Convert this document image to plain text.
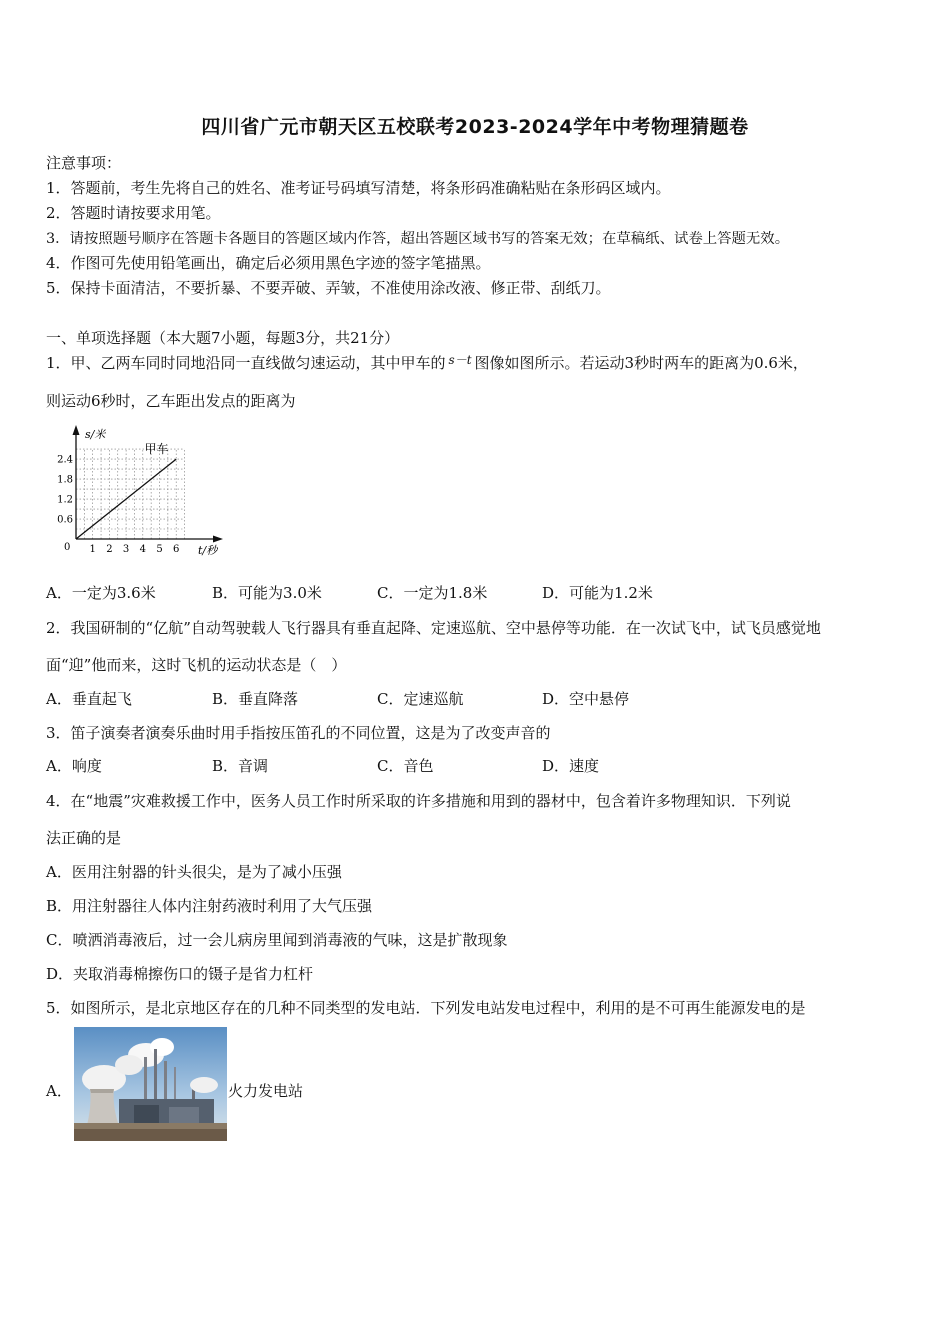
四川省广元市朝天区五校联考2023-2024学年中考物理猜题卷
注意事项：
1．答题前，考生先将自己的姓名、准考证号码填写清楚，将条形码准确粘贴在条形码区域内。
2．答题时请按要求用笔。
3．请按照题号顺序在答题卡各题目的答题区域内作答，超出答题区域书写的答案无效；在草稿纸、试卷上答题无效。
4．作图可先使用铅笔画出，确定后必须用黑色字迹的签字笔描黑。
5．保持卡面清洁，不要折暴、不要弄破、弄皱，不准使用涂改液、修正带、刮纸刀。
一、单项选择题（本大题7小题，每题3分，共21分）
1．甲、乙两车同时同地沿同一直线做匀速运动，其中甲车的 $^{s-t}$ 图像如图所示。若运动3秒时两车的距离为0.6米，
则运动6秒时，乙车距出发点的距离为
1 2 3 4 5 6
0.6
1.2
1.8
2.4
s/米
t/秒
0
甲车
A．一定为3.6米	B．可能为3.0米	C．一定为1.8米	D．可能为1.2米
2．我国研制的“亿航”自动驾驶载人飞行器具有垂直起降、定速巡航、空中悬停等功能．在一次试飞中，试飞员感觉地
面“迎”他而来，这时飞机的运动状态是（　）
A．垂直起飞	B．垂直降落	C．定速巡航	D．空中悬停
3．笛子演奏者演奏乐曲时用手指按压笛孔的不同位置，这是为了改变声音的
A．响度	B．音调	C．音色	D．速度
4．在“地震”灾难救援工作中，医务人员工作时所采取的许多措施和用到的器材中，包含着许多物理知识．下列说
法正确的是
A．医用注射器的针头很尖，是为了减小压强
B．用注射器往人体内注射药液时利用了大气压强
C．喷洒消毒液后，过一会儿病房里闻到消毒液的气味，这是扩散现象
D．夹取消毒棉擦伤口的镊子是省力杠杆
5．如图所示，是北京地区存在的几种不同类型的发电站．下列发电站发电过程中，利用的是不可再生能源发电的是
A．	火力发电站
